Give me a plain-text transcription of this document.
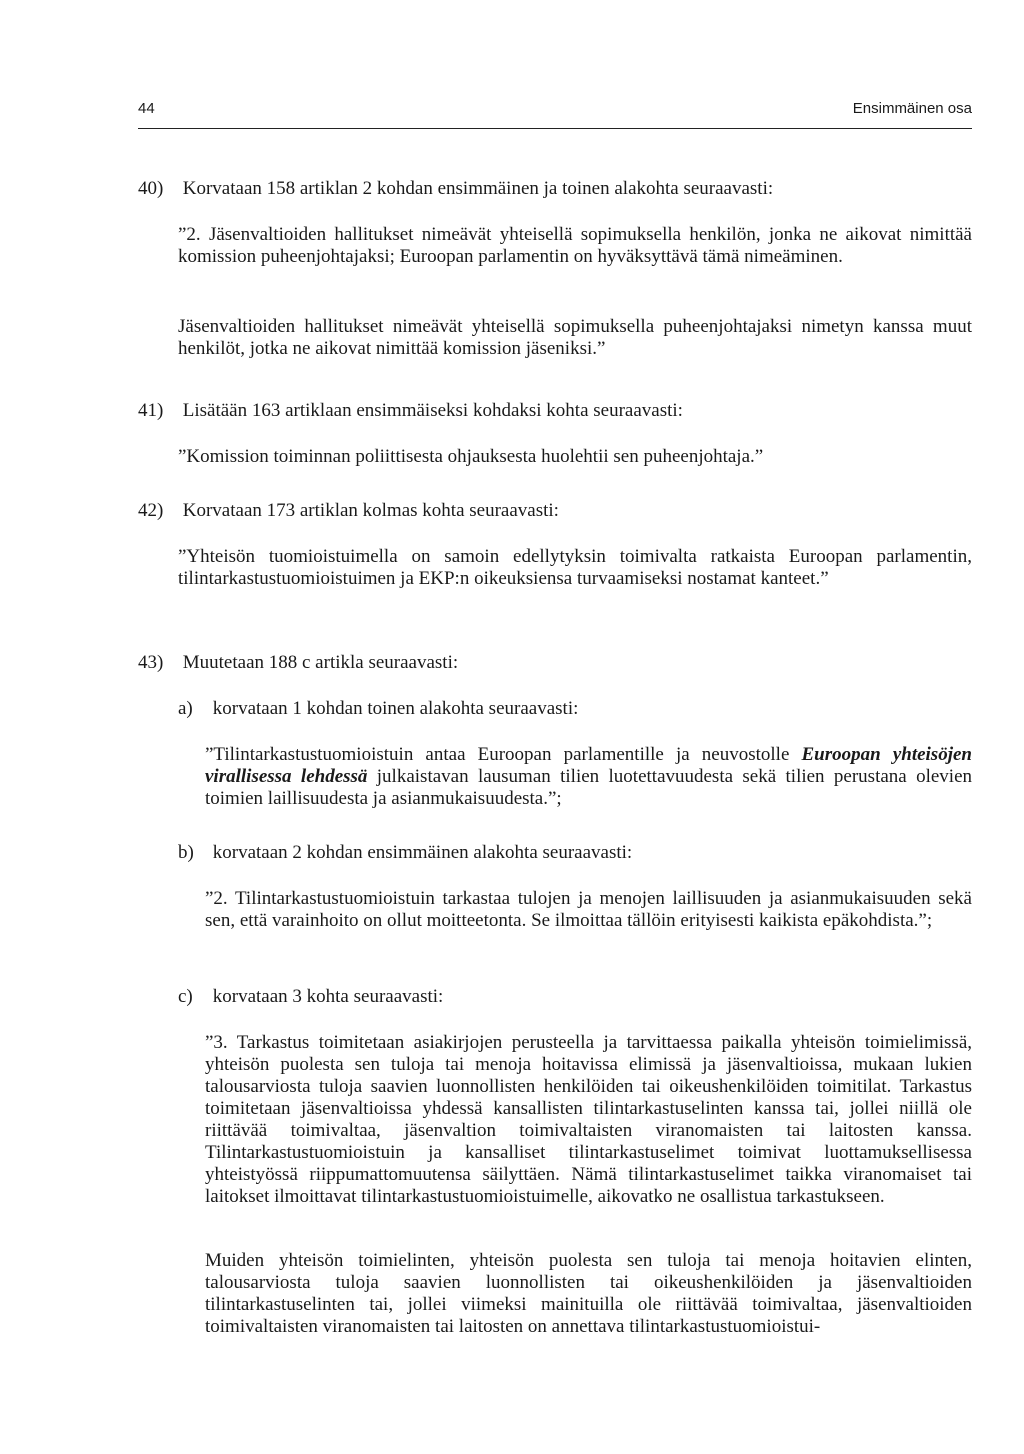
44	Ensimmäinen osa
40) Korvataan 158 artiklan 2 kohdan ensimmäinen ja toinen alakohta seuraavasti:

”2. Jäsenvaltioiden hallitukset nimeävät yhteisellä sopimuksella henkilön, jonka ne aikovat nimittää komission puheenjohtajaksi; Euroopan parlamentin on hyväksyttävä tämä nimeäminen.

Jäsenvaltioiden hallitukset nimeävät yhteisellä sopimuksella puheenjohtajaksi nimetyn kanssa muut henkilöt, jotka ne aikovat nimittää komission jäseniksi.”

41) Lisätään 163 artiklaan ensimmäiseksi kohdaksi kohta seuraavasti:

”Komission toiminnan poliittisesta ohjauksesta huolehtii sen puheenjohtaja.”

42) Korvataan 173 artiklan kolmas kohta seuraavasti:

”Yhteisön tuomioistuimella on samoin edellytyksin toimivalta ratkaista Euroopan parlamentin, tilintarkastustuomioistuimen ja EKP:n oikeuksiensa turvaamiseksi nostamat kanteet.”

43) Muutetaan 188 c artikla seuraavasti:
a) korvataan 1 kohdan toinen alakohta seuraavasti:

”Tilintarkastustuomioistuin antaa Euroopan parlamentille ja neuvostolle Euroopan yhteisöjen virallisessa lehdessä julkaistavan lausuman tilien luotettavuudesta sekä tilien perustana olevien toimien laillisuudesta ja asianmukaisuudesta.”;

b) korvataan 2 kohdan ensimmäinen alakohta seuraavasti:

”2. Tilintarkastustuomioistuin tarkastaa tulojen ja menojen laillisuuden ja asianmukaisuuden sekä sen, että varainhoito on ollut moitteetonta. Se ilmoittaa tällöin erityisesti kaikista epäkohdista.”;

c) korvataan 3 kohta seuraavasti:

”3. Tarkastus toimitetaan asiakirjojen perusteella ja tarvittaessa paikalla yhteisön toimielimissä, yhteisön puolesta sen tuloja tai menoja hoitavissa elimissä ja jäsenvaltioissa, mukaan lukien talousarviosta tuloja saavien luonnollisten henkilöiden tai oikeushenkilöiden toimitilat. Tarkastus toimitetaan jäsenvaltioissa yhdessä kansallisten tilintarkastuselinten kanssa tai, jollei niillä ole riittävää toimivaltaa, jäsenvaltion toimivaltaisten viranomaisten tai laitosten kanssa. Tilintarkastustuomioistuin ja kansalliset tilintarkastuselimet toimivat luottamuksellisessa yhteistyössä riippumattomuutensa säilyttäen. Nämä tilintarkastuselimet taikka viranomaiset tai laitokset ilmoittavat tilintarkastustuomioistuimelle, aikovatko ne osallistua tarkastukseen.

Muiden yhteisön toimielinten, yhteisön puolesta sen tuloja tai menoja hoitavien elinten, talousarviosta tuloja saavien luonnollisten tai oikeushenkilöiden ja jäsenvaltioiden tilintarkastuselinten tai, jollei viimeksi mainituilla ole riittävää toimivaltaa, jäsenvaltioiden toimivaltaisten viranomaisten tai laitosten on annettava tilintarkastustuomioistui-
